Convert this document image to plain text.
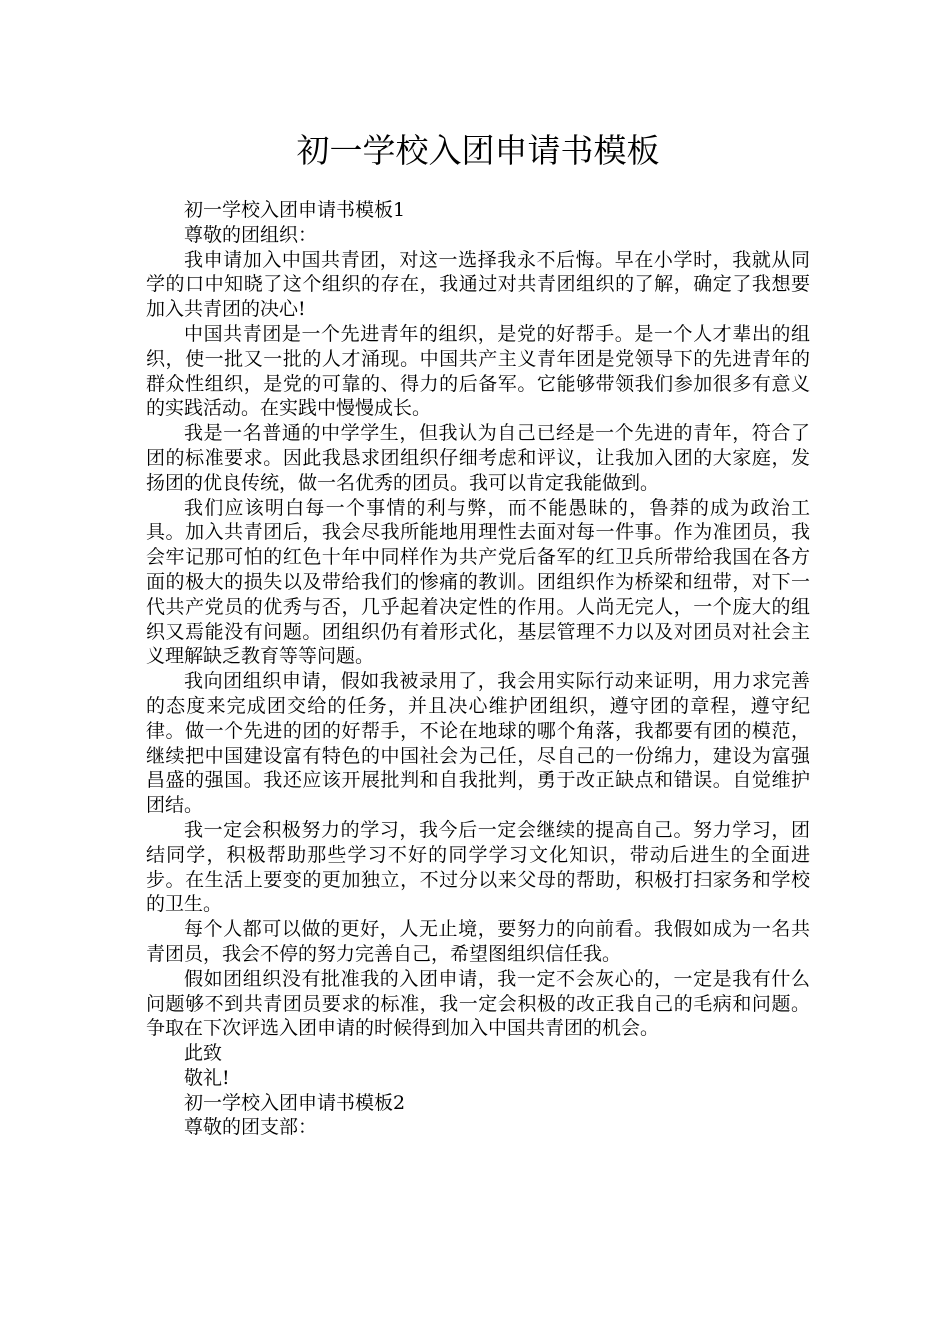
初一学校入团申请书模板

初一学校入团申请书模板1

尊敬的团组织：

我申请加入中国共青团，对这一选择我永不后悔。早在小学时，我就从同学的口中知晓了这个组织的存在，我通过对共青团组织的了解，确定了我想要加入共青团的决心!

中国共青团是一个先进青年的组织，是党的好帮手。是一个人才辈出的组织，使一批又一批的人才涌现。中国共产主义青年团是党领导下的先进青年的群众性组织，是党的可靠的、得力的后备军。它能够带领我们参加很多有意义的实践活动。在实践中慢慢成长。

我是一名普通的中学学生，但我认为自己已经是一个先进的青年，符合了团的标准要求。因此我恳求团组织仔细考虑和评议，让我加入团的大家庭，发扬团的优良传统，做一名优秀的团员。我可以肯定我能做到。

我们应该明白每一个事情的利与弊，而不能愚昧的，鲁莽的成为政治工具。加入共青团后，我会尽我所能地用理性去面对每一件事。作为准团员，我会牢记那可怕的红色十年中同样作为共产党后备军的红卫兵所带给我国在各方面的极大的损失以及带给我们的惨痛的教训。团组织作为桥梁和纽带，对下一代共产党员的优秀与否，几乎起着决定性的作用。人尚无完人，一个庞大的组织又焉能没有问题。团组织仍有着形式化，基层管理不力以及对团员对社会主义理解缺乏教育等等问题。

我向团组织申请，假如我被录用了，我会用实际行动来证明，用力求完善的态度来完成团交给的任务，并且决心维护团组织，遵守团的章程，遵守纪律。做一个先进的团的好帮手，不论在地球的哪个角落，我都要有团的模范，继续把中国建设富有特色的中国社会为己任，尽自己的一份绵力，建设为富强昌盛的强国。我还应该开展批判和自我批判，勇于改正缺点和错误。自觉维护团结。

我一定会积极努力的学习，我今后一定会继续的提高自己。努力学习，团结同学，积极帮助那些学习不好的同学学习文化知识，带动后进生的全面进步。在生活上要变的更加独立，不过分以来父母的帮助，积极打扫家务和学校的卫生。

每个人都可以做的更好，人无止境，要努力的向前看。我假如成为一名共青团员，我会不停的努力完善自己，希望图组织信任我。

假如团组织没有批准我的入团申请，我一定不会灰心的，一定是我有什么问题够不到共青团员要求的标准，我一定会积极的改正我自己的毛病和问题。争取在下次评选入团申请的时候得到加入中国共青团的机会。

此致

敬礼!

初一学校入团申请书模板2

尊敬的团支部：
